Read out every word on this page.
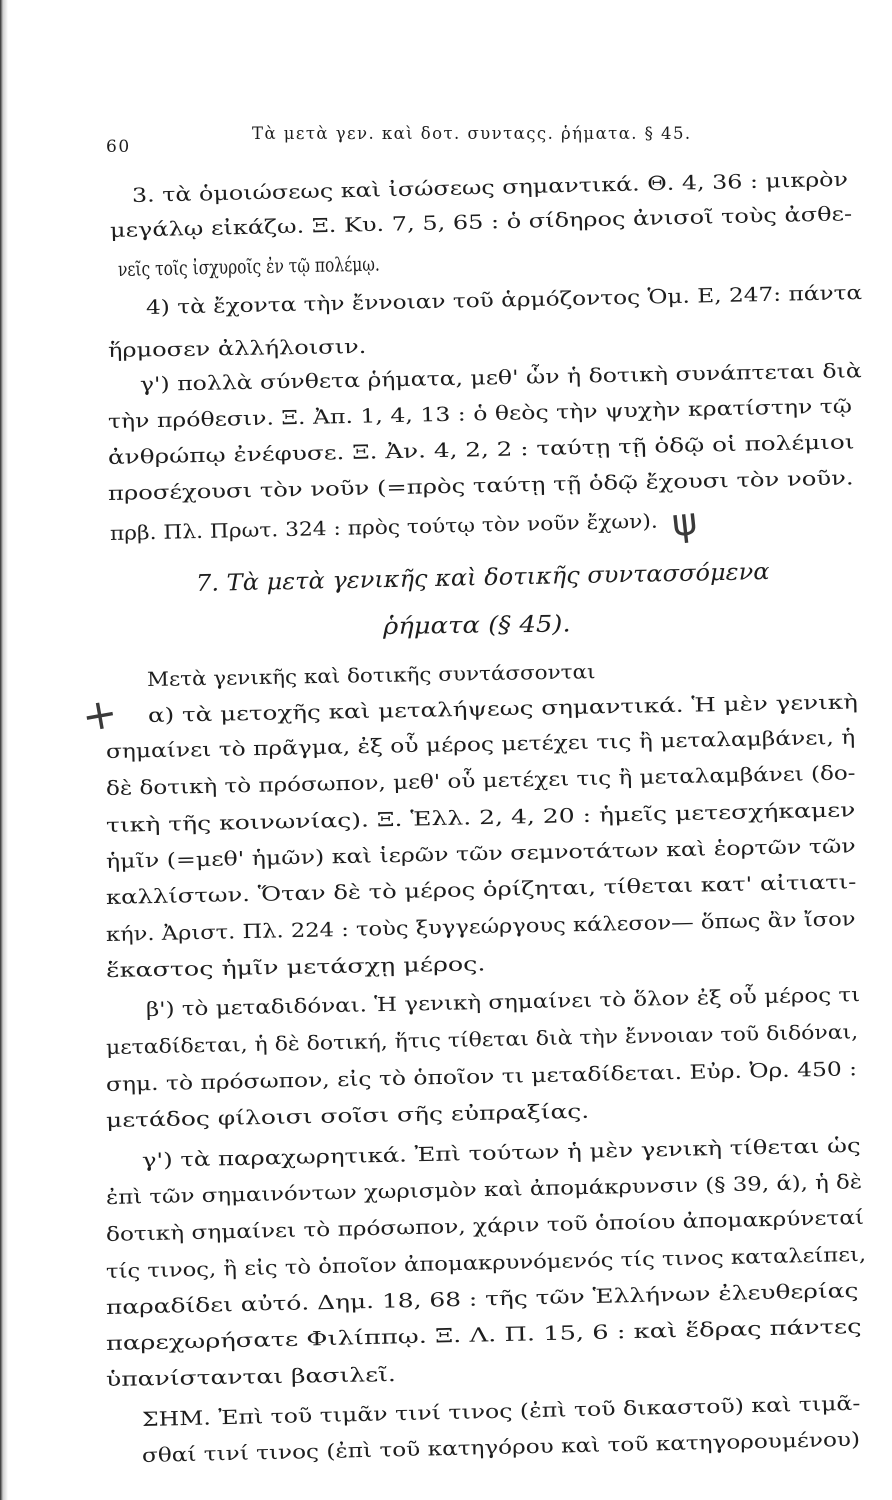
60
Τὰ μετὰ γεν. καὶ δοτ. συνταςς. ῥήματα. § 45.
3. τὰ ὁμοιώσεως καὶ ἰσώσεως σημαντικά. Θ. 4, 36 : μικρὸν
μεγάλῳ εἰκάζω. Ξ. Κυ. 7, 5, 65 : ὁ σίδηρος ἀνισοῖ τοὺς ἀσθε-
νεῖς τοῖς ἰσχυροῖς ἐν τῷ πολέμῳ.
4) τὰ ἔχοντα τὴν ἔννοιαν τοῦ ἁρμόζοντος Ὁμ. Ε, 247: πάντα
ἥρμοσεν ἀλλήλοισιν.
γ') πολλὰ σύνθετα ῥήματα, μεθ' ὧν ἡ δοτικὴ συνάπτεται διὰ
τὴν πρόθεσιν. Ξ. Ἀπ. 1, 4, 13 : ὁ θεὸς τὴν ψυχὴν κρατίστην τῷ
ἀνθρώπῳ ἐνέφυσε. Ξ. Ἀν. 4, 2, 2 : ταύτῃ τῇ ὁδῷ οἱ πολέμιοι
προσέχουσι τὸν νοῦν (=πρὸς ταύτῃ τῇ ὁδῷ ἔχουσι τὸν νοῦν.
πρβ. Πλ. Πρωτ. 324 : πρὸς τούτῳ τὸν νοῦν ἔχων).
7. Τὰ μετὰ γενικῆς καὶ δοτικῆς συντασσόμενα
ῥήματα (§ 45).
Μετὰ γενικῆς καὶ δοτικῆς συντάσσονται
α) τὰ μετοχῆς καὶ μεταλήψεως σημαντικά. Ἡ μὲν γενικὴ
σημαίνει τὸ πρᾶγμα, ἐξ οὗ μέρος μετέχει τις ἢ μεταλαμβάνει, ἡ
δὲ δοτικὴ τὸ πρόσωπον, μεθ' οὗ μετέχει τις ἢ μεταλαμβάνει (δο-
τικὴ τῆς κοινωνίας). Ξ. Ἑλλ. 2, 4, 20 : ἡμεῖς μετεσχήκαμεν
ἡμῖν (=μεθ' ἡμῶν) καὶ ἱερῶν τῶν σεμνοτάτων καὶ ἑορτῶν τῶν
καλλίστων. Ὅταν δὲ τὸ μέρος ὁρίζηται, τίθεται κατ' αἰτιατι-
κήν. Ἀριστ. Πλ. 224 : τοὺς ξυγγεώργους κάλεσον— ὅπως ἂν ἴσον
ἕκαστος ἡμῖν μετάσχῃ μέρος.
β') τὸ μεταδιδόναι. Ἡ γενικὴ σημαίνει τὸ ὅλον ἐξ οὗ μέρος τι
μεταδίδεται, ἡ δὲ δοτική, ἥτις τίθεται διὰ τὴν ἔννοιαν τοῦ διδόναι,
σημ. τὸ πρόσωπον, εἰς τὸ ὁποῖον τι μεταδίδεται. Εὐρ. Ὀρ. 450 :
μετάδος φίλοισι σοῖσι σῆς εὐπραξίας.
γ') τὰ παραχωρητικά. Ἐπὶ τούτων ἡ μὲν γενικὴ τίθεται ὡς
ἐπὶ τῶν σημαινόντων χωρισμὸν καὶ ἀπομάκρυνσιν (§ 39, ά), ἡ δὲ
δοτικὴ σημαίνει τὸ πρόσωπον, χάριν τοῦ ὁποίου ἀπομακρύνεταί
τίς τινος, ἢ εἰς τὸ ὁποῖον ἀπομακρυνόμενός τίς τινος καταλείπει,
παραδίδει αὐτό. Δημ. 18, 68 : τῆς τῶν Ἑλλήνων ἐλευθερίας
παρεχωρήσατε Φιλίππῳ. Ξ. Λ. Π. 15, 6 : καὶ ἕδρας πάντες
ὑπανίστανται βασιλεῖ.
ΣΗΜ. Ἐπὶ τοῦ τιμᾶν τινί τινος (ἐπὶ τοῦ δικαστοῦ) καὶ τιμᾶ-
σθαί τινί τινος (ἐπὶ τοῦ κατηγόρου καὶ τοῦ κατηγορουμένου)
+
ψ
